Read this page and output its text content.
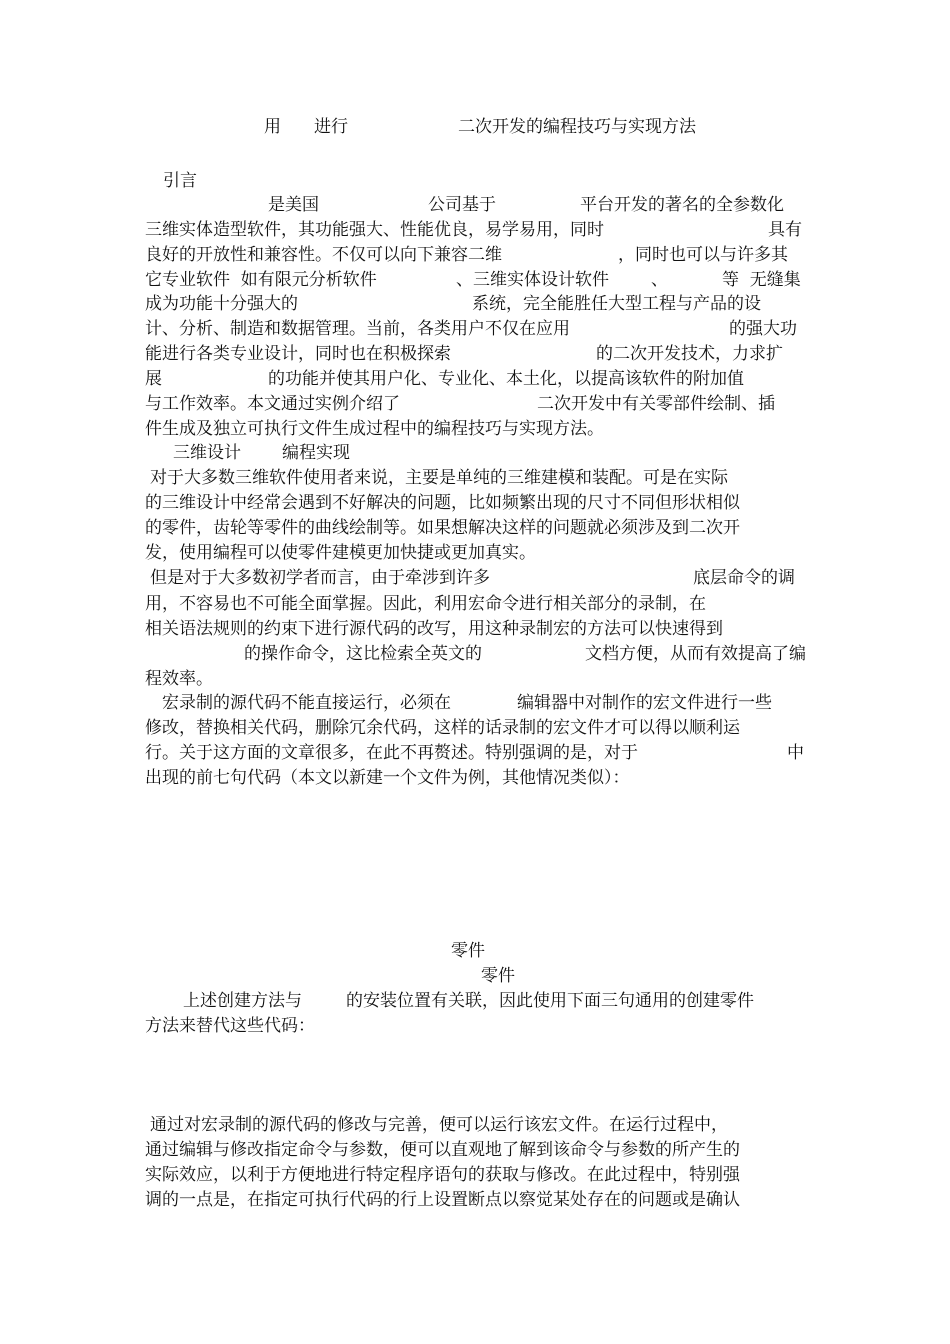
用 进行	二次开发的编程技巧与实现方法
引言
是美国	公司基于	平台开发的著名的全参数化
三维实体造型软件，其功能强大、性能优良，易学易用，同时	具有
良好的开放性和兼容性。不仅可以向下兼容二维	，同时也可以与许多其
它专业软件  如有限元分析软件	、三维实体设计软件 、	等  无缝集
成为功能十分强大的	系统，完全能胜任大型工程与产品的设
计、分析、制造和数据管理。当前，各类用户不仅在应用	的强大功
能进行各类专业设计，同时也在积极探索	的二次开发技术，力求扩
展	的功能并使其用户化、专业化、本土化，以提高该软件的附加值
与工作效率。本文通过实例介绍了	二次开发中有关零部件绘制、插
件生成及独立可执行文件生成过程中的编程技巧与实现方法。
三维设计 编程实现
对于大多数三维软件使用者来说，主要是单纯的三维建模和装配。可是在实际
的三维设计中经常会遇到不好解决的问题，比如频繁出现的尺寸不同但形状相似
的零件，齿轮等零件的曲线绘制等。如果想解决这样的问题就必须涉及到二次开
发，使用编程可以使零件建模更加快捷或更加真实。
但是对于大多数初学者而言，由于牵涉到许多	底层命令的调
用，不容易也不可能全面掌握。因此，利用宏命令进行相关部分的录制，在
相关语法规则的约束下进行源代码的改写，用这种录制宏的方法可以快速得到
的操作命令，这比检索全英文的	文档方便，从而有效提高了编
程效率。
宏录制的源代码不能直接运行，必须在	编辑器中对制作的宏文件进行一些
修改，替换相关代码，删除冗余代码，这样的话录制的宏文件才可以得以顺利运
行。关于这方面的文章很多，在此不再赘述。特别强调的是，对于	中
出现的前七句代码（本文以新建一个文件为例，其他情况类似）：
零件
零件
上述创建方法与	的安装位置有关联，因此使用下面三句通用的创建零件
方法来替代这些代码：
通过对宏录制的源代码的修改与完善，便可以运行该宏文件。在运行过程中，
通过编辑与修改指定命令与参数，便可以直观地了解到该命令与参数的所产生的
实际效应，以利于方便地进行特定程序语句的获取与修改。在此过程中，特别强
调的一点是，在指定可执行代码的行上设置断点以察觉某处存在的问题或是确认
